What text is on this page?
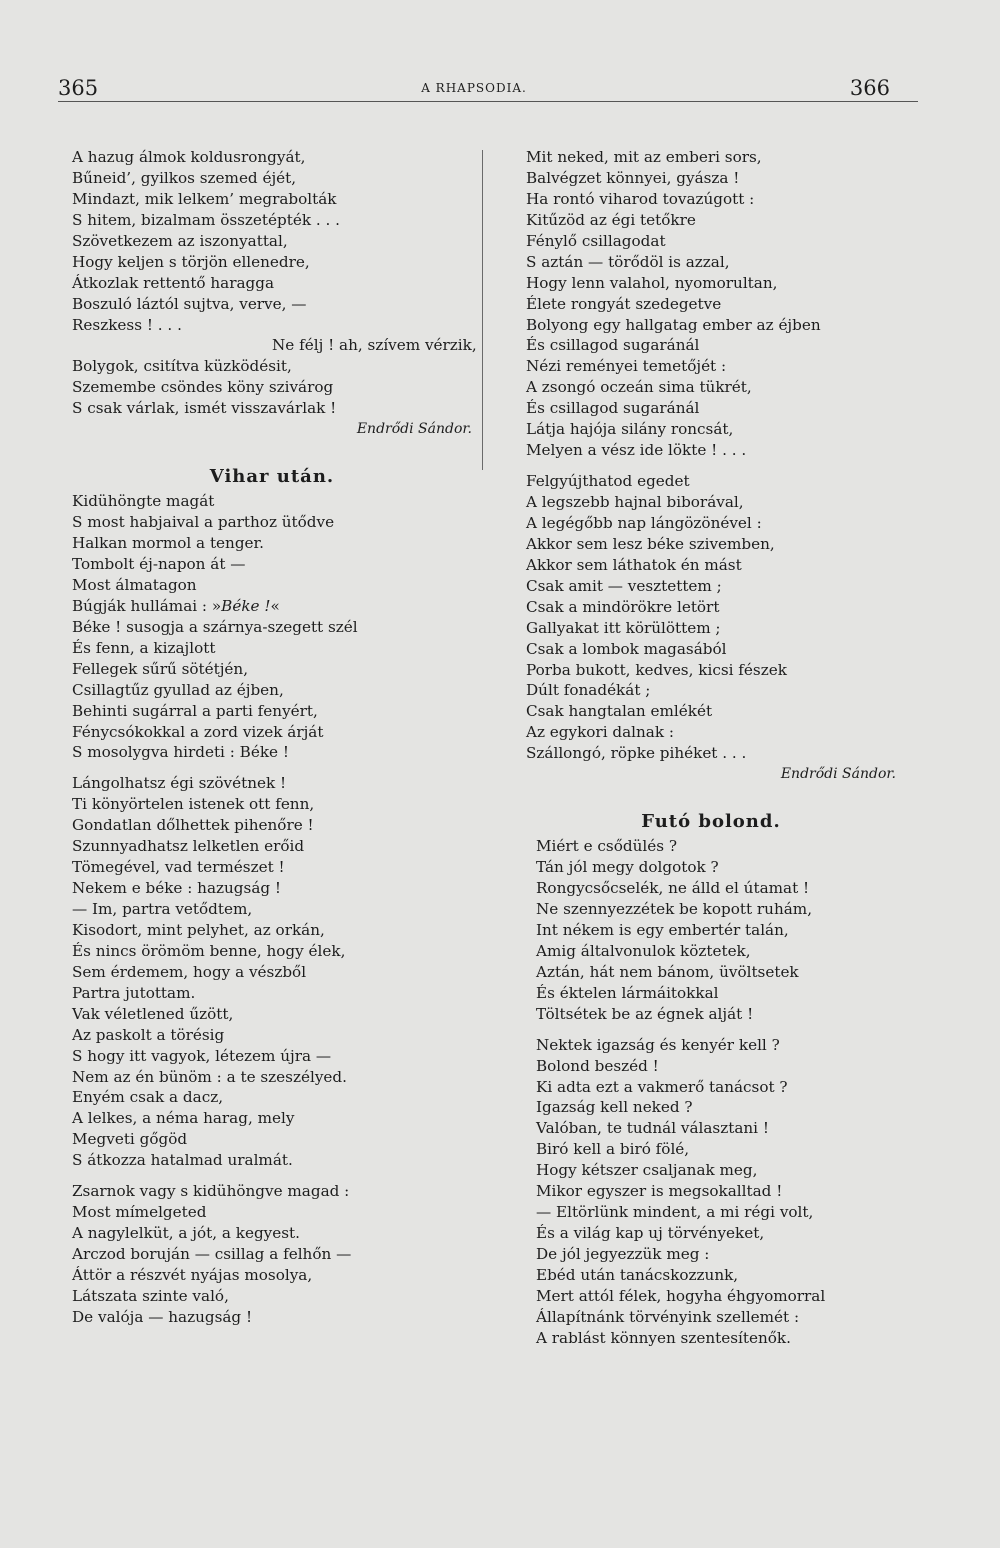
365	A RHAPSODIA.	366
A hazug álmok koldusrongyát,
Bűneid’, gyilkos szemed éjét,
Mindazt, mik lelkem’ megrabolták
S hitem, bizalmam összetépték . . .
Szövetkezem az iszonyattal,
Hogy keljen s törjön ellenedre,
Átkozlak rettentő haragga
Boszuló láztól sujtva, verve, —
Reszkess ! . . .
Ne félj ! ah, szívem vérzik,
Bolygok, csitítva küzködésit,
Szemembe csöndes köny szivárog
S csak várlak, ismét visszavárlak !
Endrődi Sándor.
Vihar után.
Kidühöngte magát
S most habjaival a parthoz ütődve
Halkan mormol a tenger.
Tombolt éj-napon át —
Most álmatagon
Búgják hullámai : »Béke !«
Béke ! susogja a szárnya-szegett szél
És fenn, a kizajlott
Fellegek sűrű sötétjén,
Csillagtűz gyullad az éjben,
Behinti sugárral a parti fenyért,
Fénycsókokkal a zord vizek árját
S mosolygva hirdeti : Béke !
Lángolhatsz égi szövétnek !
Ti könyörtelen istenek ott fenn,
Gondatlan dőlhettek pihenőre !
Szunnyadhatsz lelketlen erőid
Tömegével, vad természet !
Nekem e béke : hazugság !
— Im, partra vetődtem,
Kisodort, mint pelyhet, az orkán,
És nincs örömöm benne, hogy élek,
Sem érdemem, hogy a vészből
Partra jutottam.
Vak véletlened űzött,
Az paskolt a törésig
S hogy itt vagyok, létezem újra —
Nem az én bünöm : a te szeszélyed.
Enyém csak a dacz,
A lelkes, a néma harag, mely
Megveti gőgöd
S átkozza hatalmad uralmát.
Zsarnok vagy s kidühöngve magad :
Most mímelgeted
A nagylelküt, a jót, a kegyest.
Arczod boruján — csillag a felhőn —
Áttör a részvét nyájas mosolya,
Látszata szinte való,
De valója — hazugság !
Mit neked, mit az emberi sors,
Balvégzet könnyei, gyásza !
Ha rontó viharod tovazúgott :
Kitűzöd az égi tetőkre
Fénylő csillagodat
S aztán — törődöl is azzal,
Hogy lenn valahol, nyomorultan,
Élete rongyát szedegetve
Bolyong egy hallgatag ember az éjben
És csillagod sugaránál
Nézi reményei temetőjét :
A zsongó oczeán sima tükrét,
És csillagod sugaránál
Látja hajója silány roncsát,
Melyen a vész ide lökte ! . . .
Felgyújthatod egedet
A legszebb hajnal biborával,
A legégőbb nap lángözönével :
Akkor sem lesz béke szivemben,
Akkor sem láthatok én mást
Csak amit — vesztettem ;
Csak a mindörökre letört
Gallyakat itt körülöttem ;
Csak a lombok magasából
Porba bukott, kedves, kicsi fészek
Dúlt fonadékát ;
Csak hangtalan emlékét
Az egykori dalnak :
Szállongó, röpke pihéket . . .
Endrődi Sándor.
Futó bolond.
Miért e csődülés ?
Tán jól megy dolgotok ?
Rongycsőcselék, ne álld el útamat !
Ne szennyezzétek be kopott ruhám,
Int nékem is egy embertér talán,
Amig általvonulok köztetek,
Aztán, hát nem bánom, üvöltsetek
És éktelen lármáitokkal
Töltsétek be az égnek alját !
Nektek igazság és kenyér kell ?
Bolond beszéd !
Ki adta ezt a vakmerő tanácsot ?
Igazság kell neked ?
Valóban, te tudnál választani !
Biró kell a biró fölé,
Hogy kétszer csaljanak meg,
Mikor egyszer is megsokalltad !
— Eltörlünk mindent, a mi régi volt,
És a világ kap uj törvényeket,
De jól jegyezzük meg :
Ebéd után tanácskozzunk,
Mert attól félek, hogyha éhgyomorral
Állapítnánk törvényink szellemét :
A rablást könnyen szentesítenők.
